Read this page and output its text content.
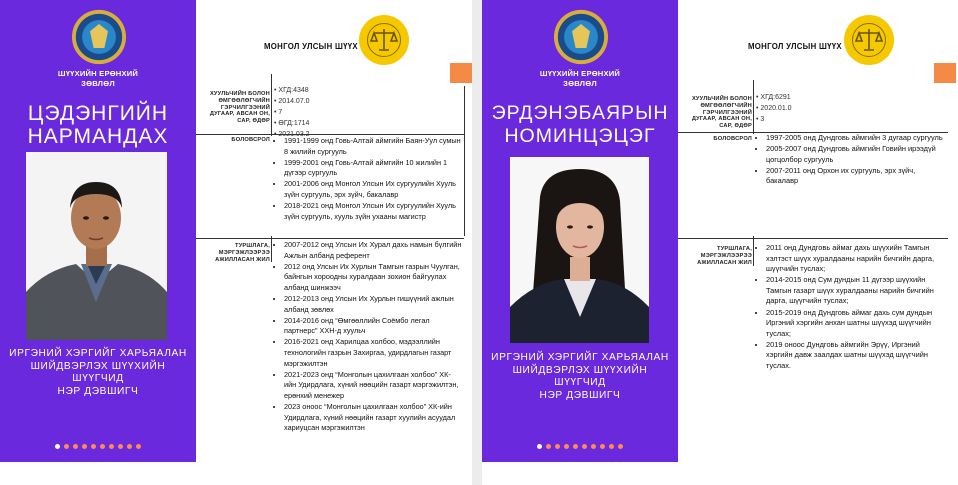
ШҮҮХИЙН ЕРӨНХИЙ
ЗӨВЛӨЛ
ЦЭДЭНГИЙН
НАРМАНДАХ
ИРГЭНИЙ ХЭРГИЙГ ХАРЬЯАЛАН
ШИЙДВЭРЛЭХ ШҮҮХИЙН ШҮҮГЧИД
НЭР ДЭВШИГЧ
МОНГОЛ УЛСЫН ШҮҮХ
ХУУЛЬЧИЙН БОЛОН
ӨМГӨӨЛӨГЧИЙН
ГЭРЧИЛГЭЭНИЙ
ДУГААР, АВСАН ОН,
САР, ӨДӨР
• ХГД:4348
• 2014.07.0
• 7
• ӨГД:1714
• 2021.03.2
БОЛОВСРОЛ • 1991-1999 онд Говь-Алтай аймгийн Баян-Уул сумын 8 жилийн сургууль
• 1999-2001 онд Говь-Алтай аймгийн 10 жилийн 1 дүгээр сургууль
• 2001-2006 онд Монгол Улсын Их сургуулийн Хууль зүйн сургууль, эрх зүйч, бакалавр
• 2018-2021 онд Монгол Улсын Их сургуулийн Хууль зүйн сургууль, хууль зүйн ухааны магистр
ТУРШЛАГА,
МЭРГЭЖЛЭЭРЭЭ
АЖИЛЛАСАН ЖИЛ
• 2007-2012 онд Улсын Их Хурал дахь намын бүлгийн Ажлын албанд референт
• 2012 онд Улсын Их Хурлын Тамгын газрын Чуулган, байнгын хороодны хуралдаан зохион байгуулах албанд шинжээч
• 2012-2013 онд Улсын Их Хурлын гишүүний ажлын албанд зөвлөх
• 2014-2016 онд “Өмгөөллийн Соёмбо легал партнерс” ХХН-д хуульч
• 2016-2021 онд Харилцаа холбоо, мэдээллийн технологийн газрын Захиргаа, удирдлагын газарт мэргэжилтэн
• 2021-2023 онд “Монголын цахилгаан холбоо” ХК-ийн Удирдлага, хүний нөөцийн газарт мэргэжилтэн, ерөнхий менежер
• 2023 оноос “Монголын цахилгаан холбоо” ХК-ийн Удирдлага, хүний нөөцийн газарт хуулийн асуудал хариуцсан мэргэжилтэн
ШҮҮХИЙН ЕРӨНХИЙ
ЗӨВЛӨЛ
ЭРДЭНЭБАЯРЫН
НОМИНЦЭЦЭГ
ИРГЭНИЙ ХЭРГИЙГ ХАРЬЯАЛАН
ШИЙДВЭРЛЭХ ШҮҮХИЙН ШҮҮГЧИД
НЭР ДЭВШИГЧ
МОНГОЛ УЛСЫН ШҮҮХ
ХУУЛЬЧИЙН БОЛОН
ӨМГӨӨЛӨГЧИЙН
ГЭРЧИЛГЭЭНИЙ
ДУГААР, АВСАН ОН,
САР, ӨДӨР
• ХГД:6291
• 2020.01.0
• 3
БОЛОВСРОЛ • 1997-2005 онд Дундговь аймгийн 3 дугаар сургууль
• 2005-2007 онд Дундговь аймгийн Говийн ирээдүй цогцолбор сургууль
• 2007-2011 онд Орхон их сургууль, эрх зүйч, бакалавр
ТУРШЛАГА,
МЭРГЭЖЛЭЭРЭЭ
АЖИЛЛАСАН ЖИЛ
• 2011 онд Дундговь аймаг дахь шүүхийн Тамгын хэлтэст шүүх хуралдааны нарийн бичгийн дарга, шүүгчийн туслах;
• 2014-2015 онд Сум дундын 11 дүгээр шүүхийн Тамгын газарт шүүх хуралдааны нарийн бичгийн дарга, шүүгчийн туслах;
• 2015-2019 онд Дундговь аймаг дахь сум дундын Иргэний хэргийн анхан шатны шүүхэд шүүгчийн туслах;
• 2019 оноос Дундговь аймгийн Эрүү, Иргэний хэргийн давж заалдах шатны шүүхэд шүүгчийн туслах.
